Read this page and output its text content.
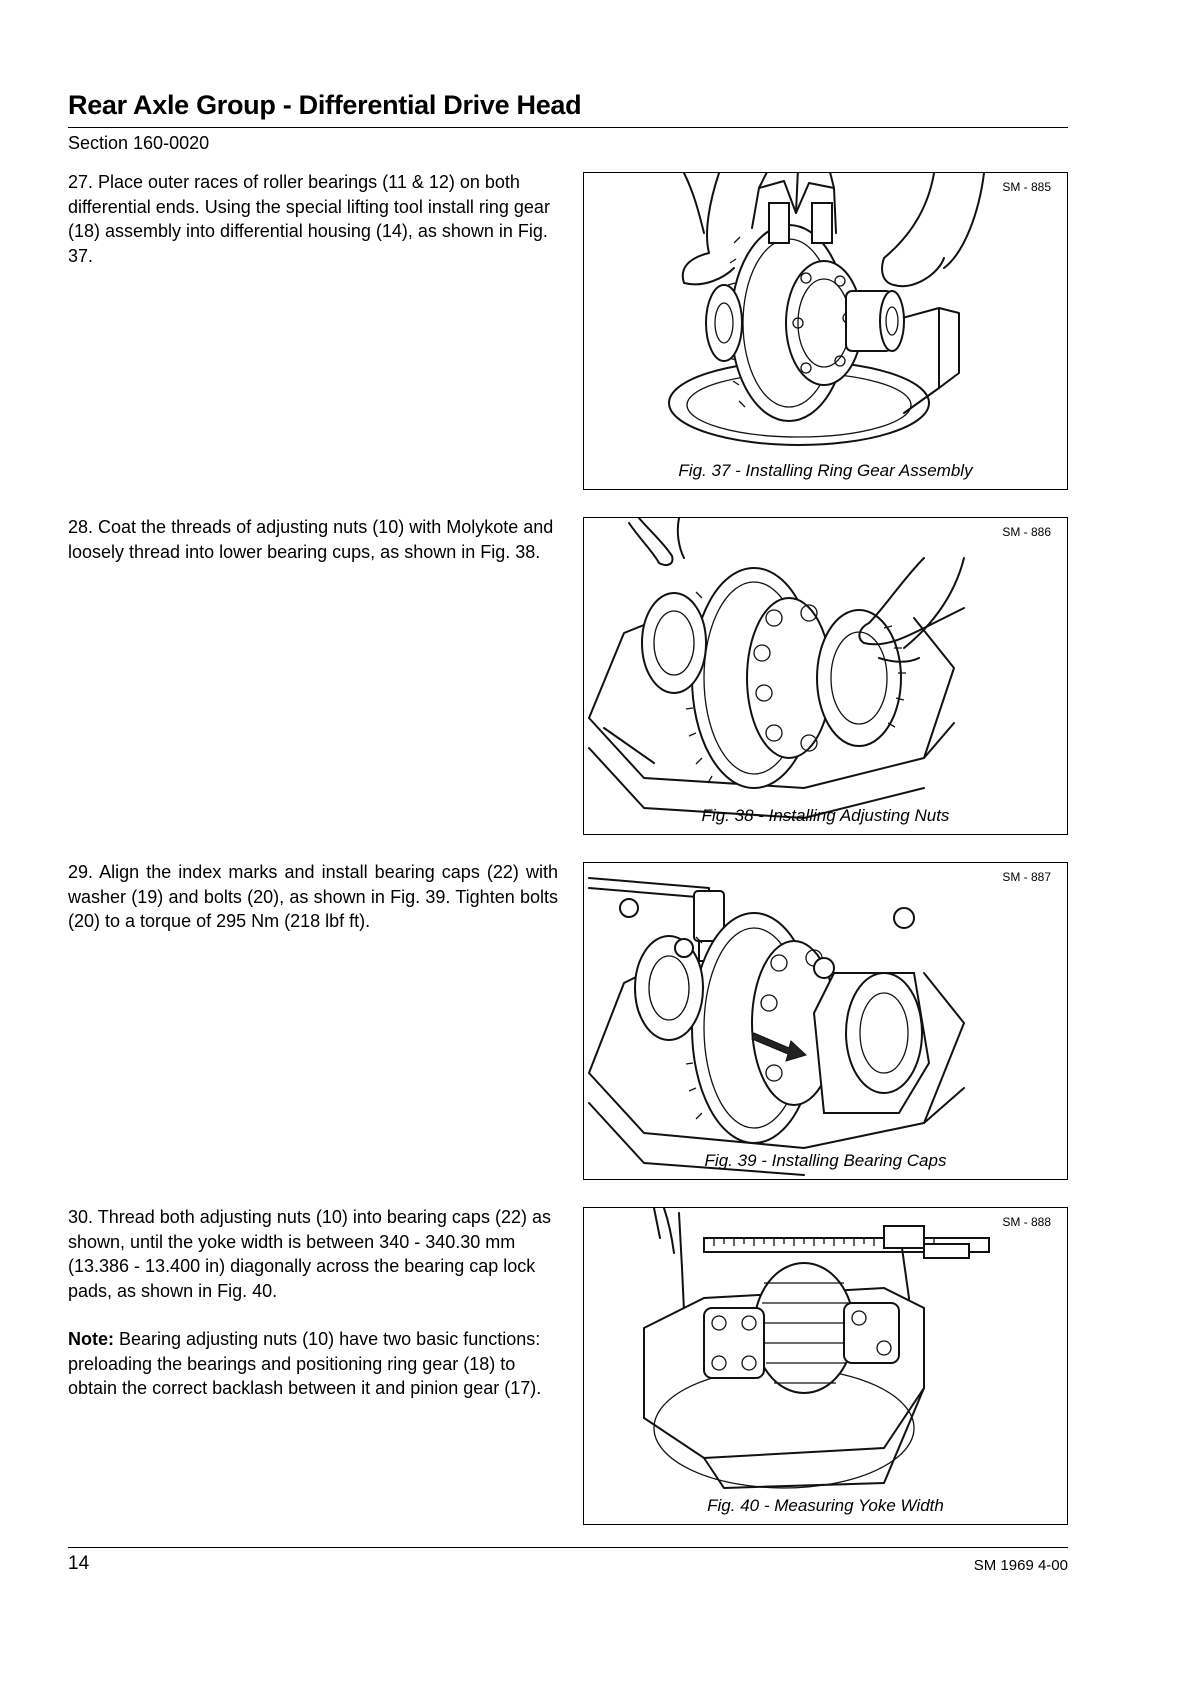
Rear Axle Group - Differential Drive Head
Section 160-0020

27. Place outer races of roller bearings (11 & 12) on both differential ends. Using the special lifting tool install ring gear (18) assembly into differential housing (14), as shown in Fig. 37.

SM - 885
Fig. 37 - Installing Ring Gear Assembly

28. Coat the threads of adjusting nuts (10) with Molykote and loosely thread into lower bearing cups, as shown in Fig. 38.

SM - 886
Fig. 38 - Installing Adjusting Nuts

29. Align the index marks and install bearing caps (22) with washer (19) and bolts (20), as shown in Fig. 39. Tighten bolts (20) to a torque of 295 Nm (218 lbf ft).

SM - 887
Fig. 39 - Installing Bearing Caps

30. Thread both adjusting nuts (10) into bearing caps (22) as shown, until the yoke width is between 340 - 340.30 mm (13.386 - 13.400 in) diagonally across the bearing cap lock pads, as shown in Fig. 40.

Note: Bearing adjusting nuts (10) have two basic functions: preloading the bearings and positioning ring gear (18) to obtain the correct backlash between it and pinion gear (17).

SM - 888
Fig. 40 - Measuring Yoke Width
14	SM 1969 4-00
